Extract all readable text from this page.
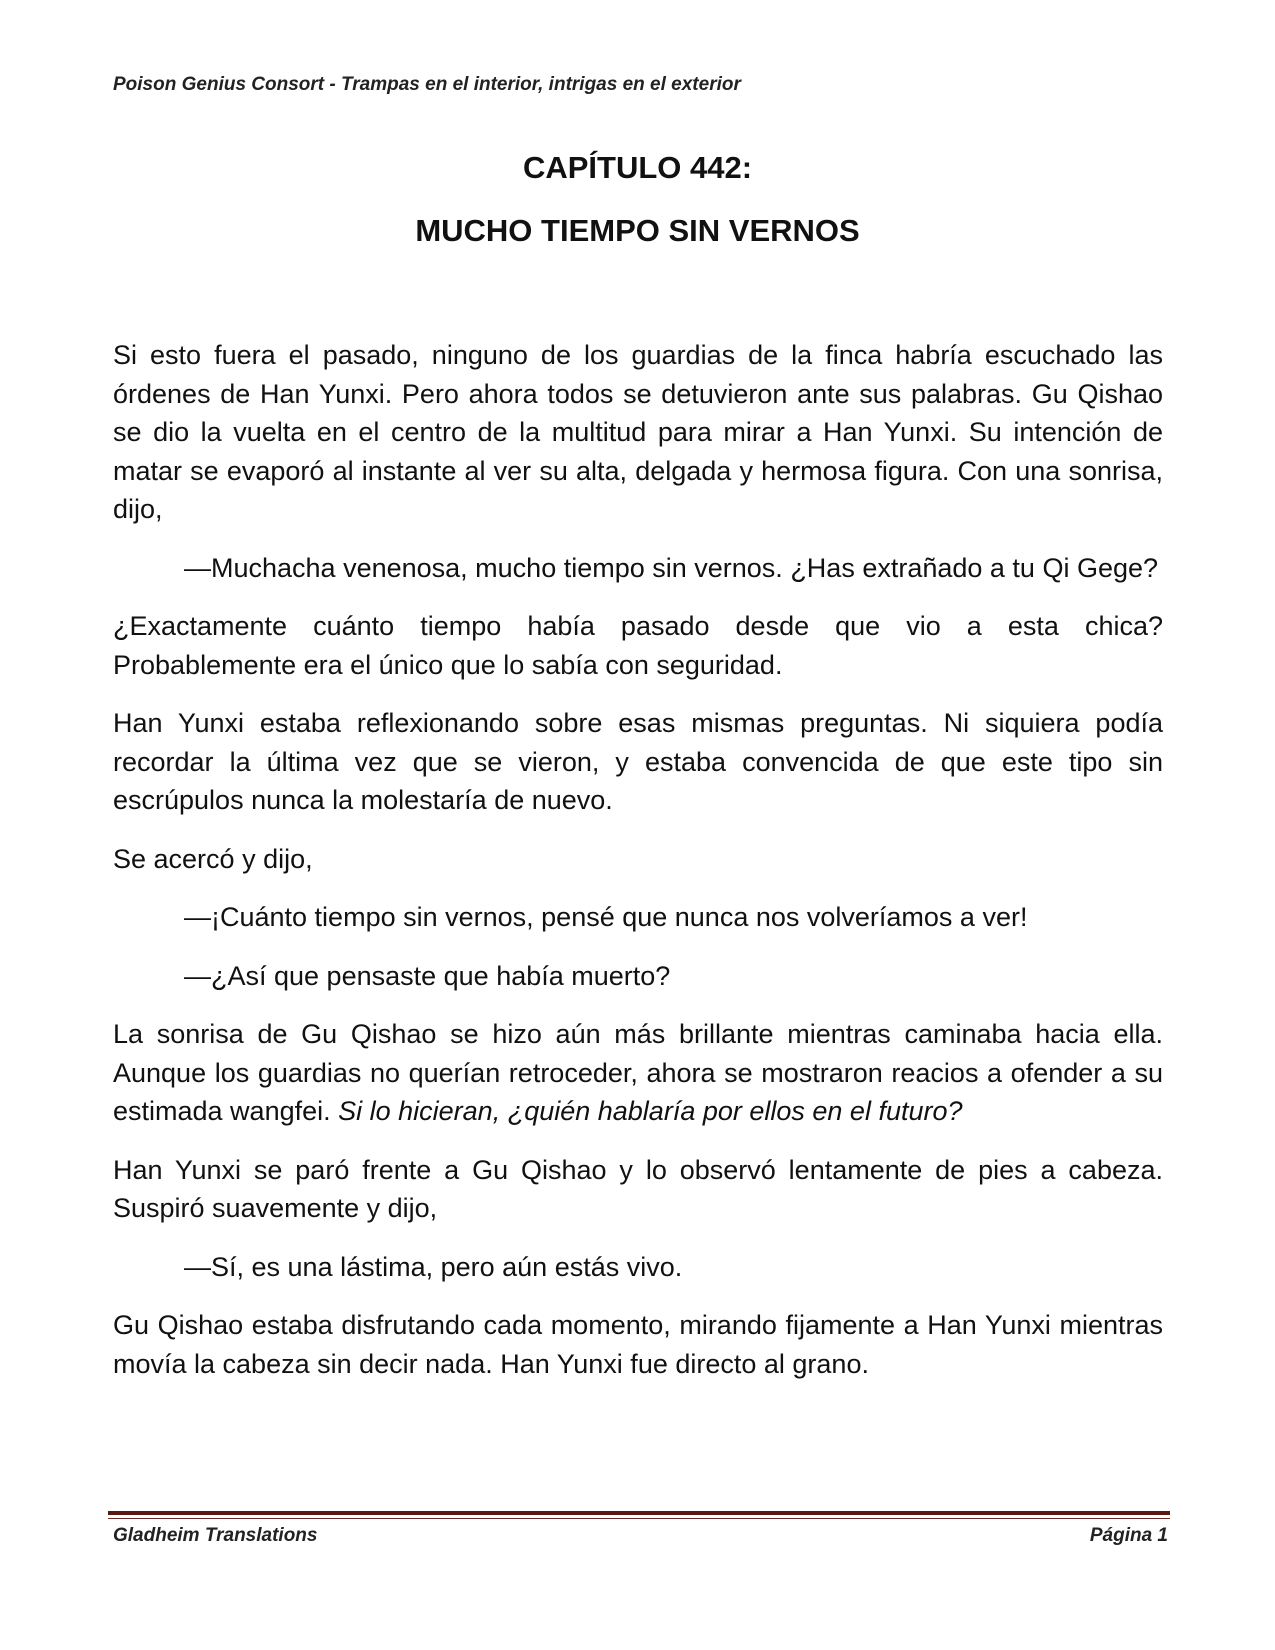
Poison Genius Consort - Trampas en el interior, intrigas en el exterior
CAPÍTULO 442:
MUCHO TIEMPO SIN VERNOS

Si esto fuera el pasado, ninguno de los guardias de la finca habría escuchado las órdenes de Han Yunxi. Pero ahora todos se detuvieron ante sus palabras. Gu Qishao se dio la vuelta en el centro de la multitud para mirar a Han Yunxi. Su intención de matar se evaporó al instante al ver su alta, delgada y hermosa figura. Con una sonrisa, dijo,

—Muchacha venenosa, mucho tiempo sin vernos. ¿Has extrañado a tu Qi Gege?

¿Exactamente cuánto tiempo había pasado desde que vio a esta chica? Probablemente era el único que lo sabía con seguridad.

Han Yunxi estaba reflexionando sobre esas mismas preguntas. Ni siquiera podía recordar la última vez que se vieron, y estaba convencida de que este tipo sin escrúpulos nunca la molestaría de nuevo.

Se acercó y dijo,

—¡Cuánto tiempo sin vernos, pensé que nunca nos volveríamos a ver!

—¿Así que pensaste que había muerto?

La sonrisa de Gu Qishao se hizo aún más brillante mientras caminaba hacia ella. Aunque los guardias no querían retroceder, ahora se mostraron reacios a ofender a su estimada wangfei. Si lo hicieran, ¿quién hablaría por ellos en el futuro?

Han Yunxi se paró frente a Gu Qishao y lo observó lentamente de pies a cabeza. Suspiró suavemente y dijo,

—Sí, es una lástima, pero aún estás vivo.

Gu Qishao estaba disfrutando cada momento, mirando fijamente a Han Yunxi mientras movía la cabeza sin decir nada. Han Yunxi fue directo al grano.

Gladheim Translations	Página 1
